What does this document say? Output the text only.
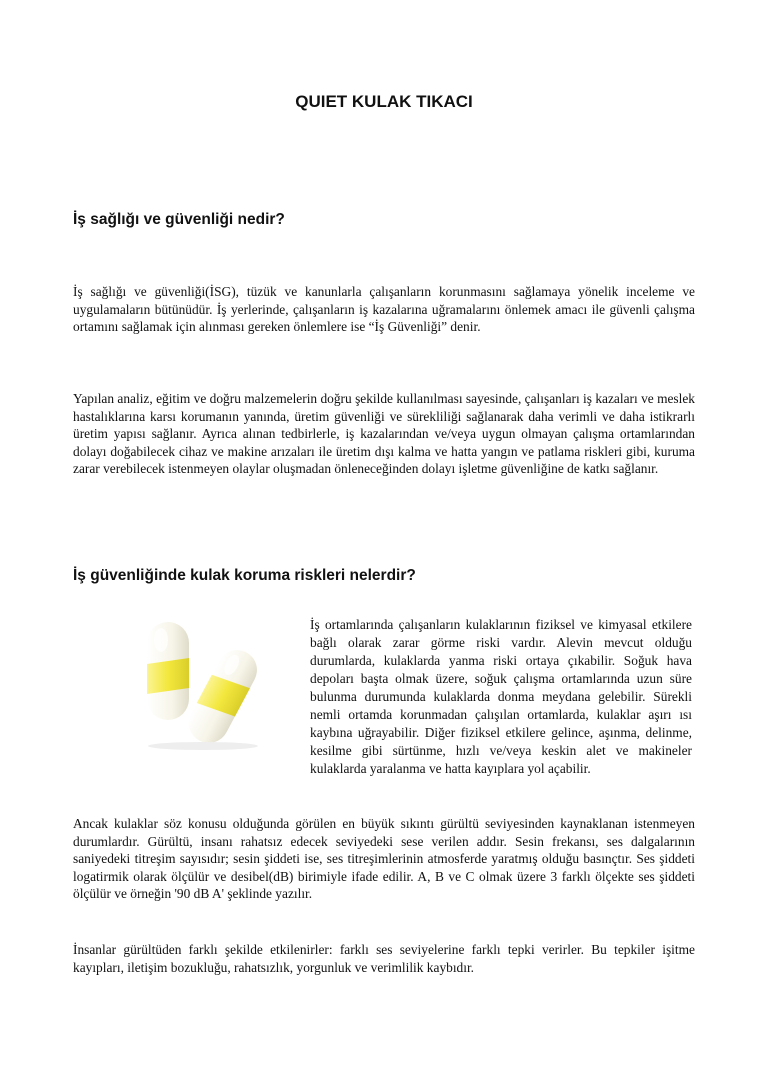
QUIET KULAK TIKACI
İş sağlığı ve güvenliği nedir?

İş sağlığı ve güvenliği(İSG), tüzük ve kanunlarla çalışanların korunmasını sağlamaya yönelik inceleme ve uygulamaların bütünüdür. İş yerlerinde, çalışanların iş kazalarına uğramalarını önlemek amacı ile güvenli çalışma ortamını sağlamak için alınması gereken önlemlere ise “İş Güvenliği” denir.

Yapılan analiz, eğitim ve doğru malzemelerin doğru şekilde kullanılması sayesinde, çalışanları iş kazaları ve meslek hastalıklarına karsı korumanın yanında, üretim güvenliği ve sürekliliği sağlanarak daha verimli ve daha istikrarlı üretim yapısı sağlanır. Ayrıca alınan tedbirlerle, iş kazalarından ve/veya uygun olmayan çalışma ortamlarından dolayı doğabilecek cihaz ve makine arızaları ile üretim dışı kalma ve hatta yangın ve patlama riskleri gibi, kuruma zarar verebilecek istenmeyen olaylar oluşmadan önleneceğinden dolayı işletme güvenliğine de katkı sağlanır.

İş güvenliğinde kulak koruma riskleri nelerdir?

İş ortamlarında çalışanların kulaklarının fiziksel ve kimyasal etkilere bağlı olarak zarar görme riski vardır. Alevin mevcut olduğu durumlarda, kulaklarda yanma riski ortaya çıkabilir. Soğuk hava depoları başta olmak üzere, soğuk çalışma ortamlarında uzun süre bulunma durumunda kulaklarda donma meydana gelebilir. Sürekli nemli ortamda korunmadan çalışılan ortamlarda, kulaklar aşırı ısı kaybına uğrayabilir. Diğer fiziksel etkilere gelince, aşınma, delinme, kesilme gibi sürtünme, hızlı ve/veya keskin alet ve makineler kulaklarda yaralanma ve hatta kayıplara yol açabilir.

Ancak kulaklar söz konusu olduğunda görülen en büyük sıkıntı gürültü seviyesinden kaynaklanan istenmeyen durumlardır. Gürültü, insanı rahatsız edecek seviyedeki sese verilen addır. Sesin frekansı, ses dalgalarının saniyedeki titreşim sayısıdır; sesin şiddeti ise, ses titreşimlerinin atmosferde yaratmış olduğu basınçtır. Ses şiddeti logatirmik olarak ölçülür ve desibel(dB) birimiyle ifade edilir. A, B ve C olmak üzere 3 farklı ölçekte ses şiddeti ölçülür ve örneğin '90 dB A' şeklinde yazılır.

İnsanlar gürültüden farklı şekilde etkilenirler: farklı ses seviyelerine farklı tepki verirler. Bu tepkiler işitme kayıpları, iletişim bozukluğu, rahatsızlık, yorgunluk ve verimlilik kaybıdır.
